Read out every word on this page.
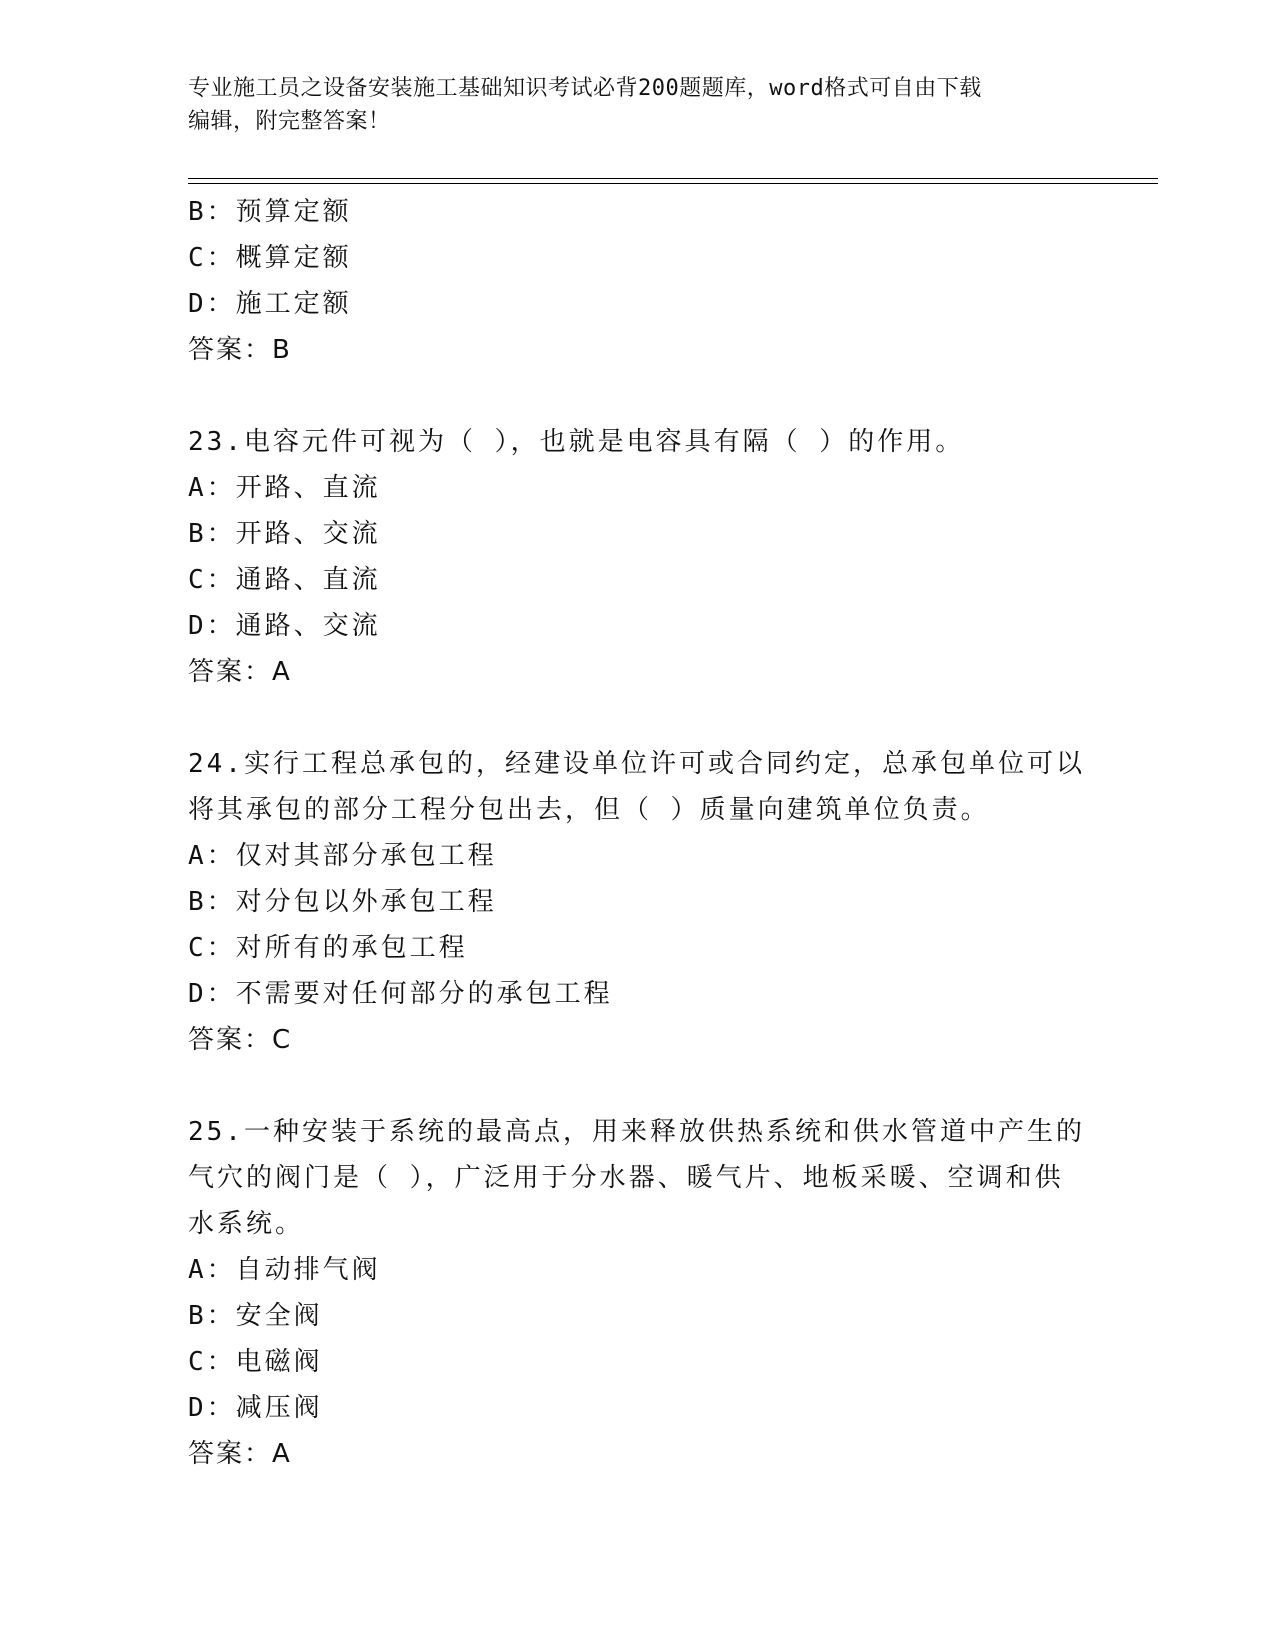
专业施工员之设备安装施工基础知识考试必背200题题库，word格式可自由下载
编辑，附完整答案！
B：预算定额
C：概算定额
D：施工定额
答案：B
23.电容元件可视为（ ），也就是电容具有隔（ ）的作用。
A：开路、直流
B：开路、交流
C：通路、直流
D：通路、交流
答案：A
24.实行工程总承包的，经建设单位许可或合同约定，总承包单位可以
将其承包的部分工程分包出去，但（ ）质量向建筑单位负责。
A：仅对其部分承包工程
B：对分包以外承包工程
C：对所有的承包工程
D：不需要对任何部分的承包工程
答案：C
25.一种安装于系统的最高点，用来释放供热系统和供水管道中产生的
气穴的阀门是（ ），广泛用于分水器、暖气片、地板采暖、空调和供
水系统。
A：自动排气阀
B：安全阀
C：电磁阀
D：减压阀
答案：A
